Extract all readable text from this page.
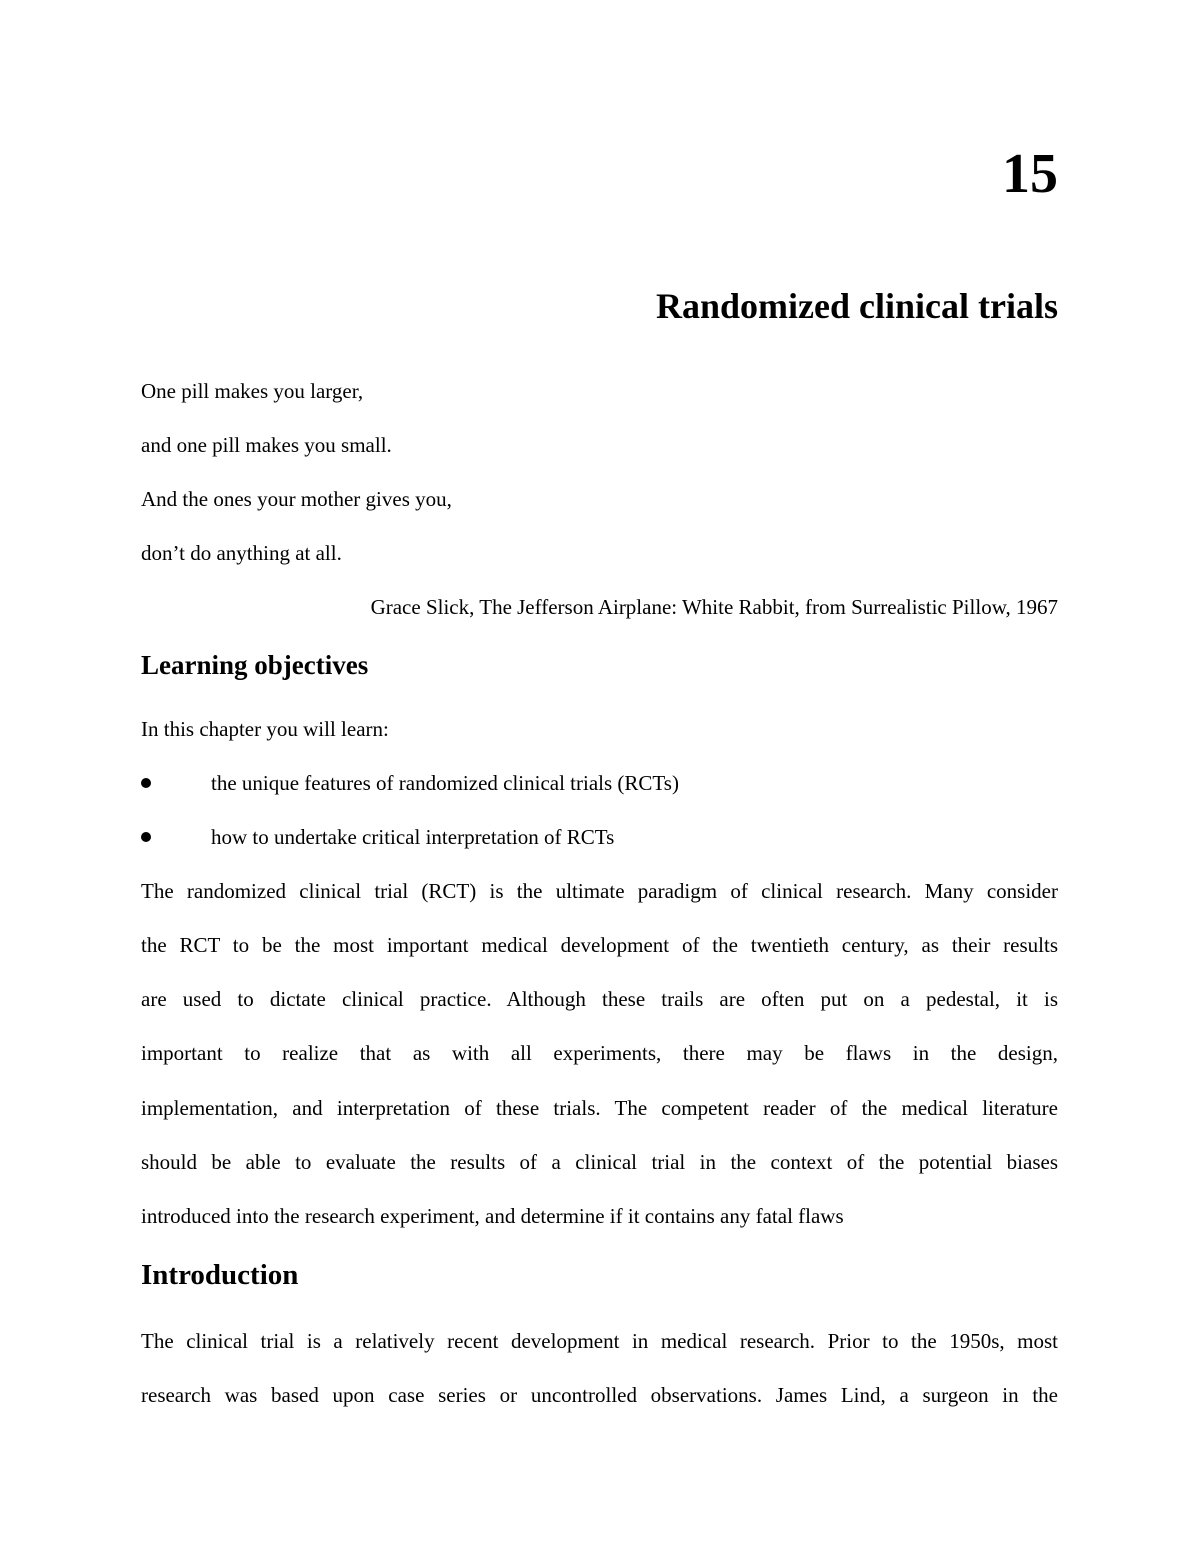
15
Randomized clinical trials
One pill makes you larger,
and one pill makes you small.
And the ones your mother gives you,
don’t do anything at all.
Grace Slick, The Jefferson Airplane: White Rabbit, from Surrealistic Pillow, 1967
Learning objectives
In this chapter you will learn:
the unique features of randomized clinical trials (RCTs)
how to undertake critical interpretation of RCTs
The randomized clinical trial (RCT) is the ultimate paradigm of clinical research. Many consider
the RCT to be the most important medical development of the twentieth century, as their results
are used to dictate clinical practice. Although these trails are often put on a pedestal, it is
important to realize that as with all experiments, there may be flaws in the design,
implementation, and interpretation of these trials. The competent reader of the medical literature
should be able to evaluate the results of a clinical trial in the context of the potential biases
introduced into the research experiment, and determine if it contains any fatal flaws
Introduction
The clinical trial is a relatively recent development in medical research. Prior to the 1950s, most
research was based upon case series or uncontrolled observations. James Lind, a surgeon in the
